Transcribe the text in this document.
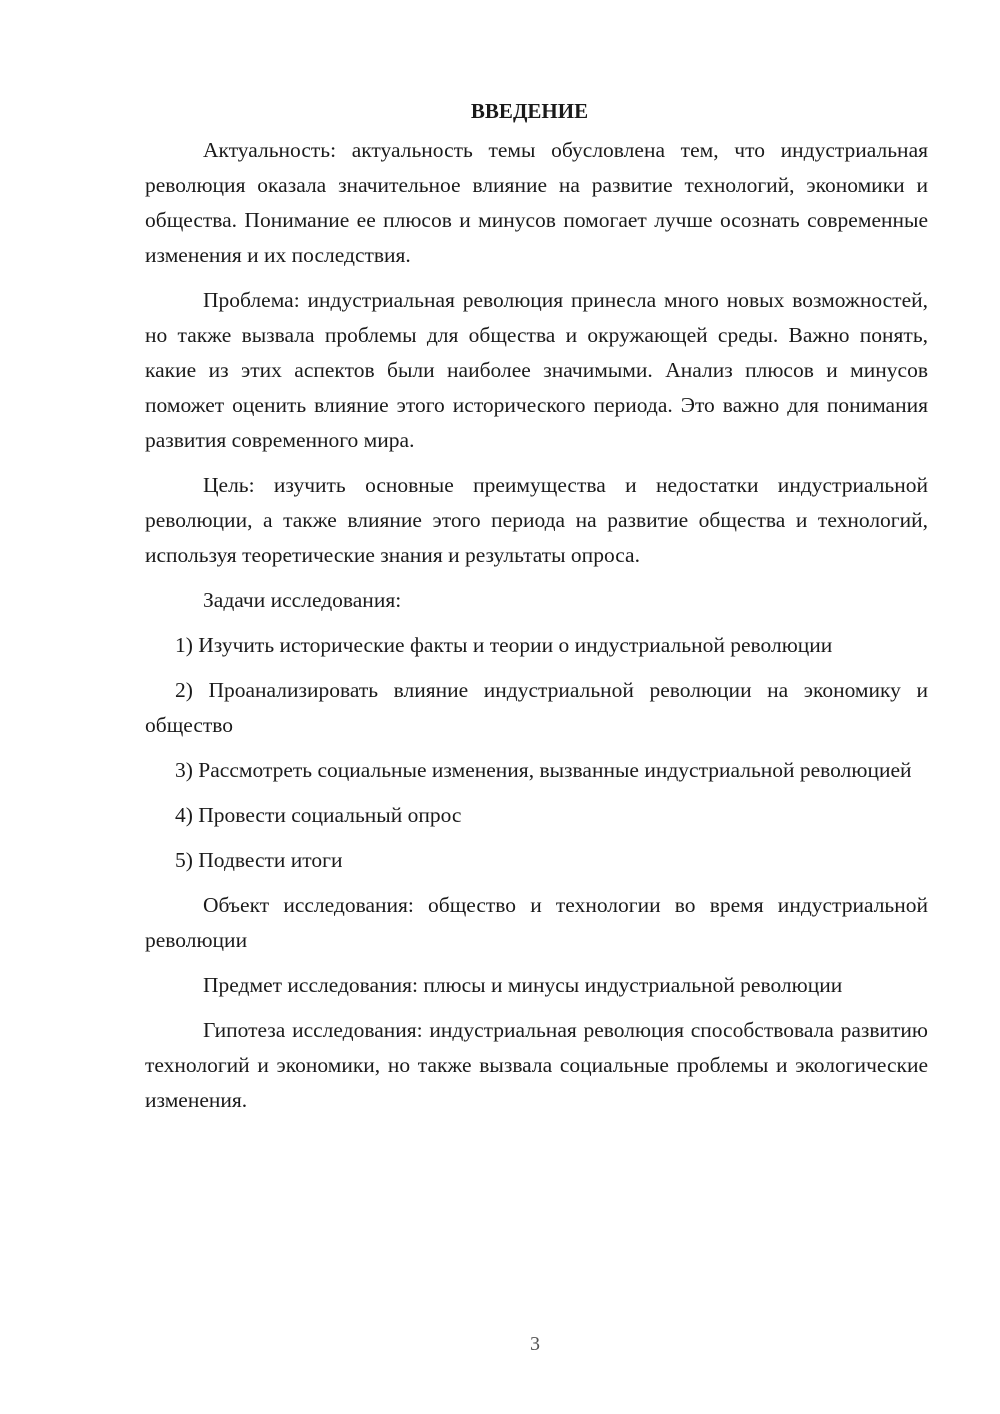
ВВЕДЕНИЕ

Актуальность: актуальность темы обусловлена тем, что индустриальная революция оказала значительное влияние на развитие технологий, экономики и общества. Понимание ее плюсов и минусов помогает лучше осознать современные изменения и их последствия.

Проблема: индустриальная революция принесла много новых возможностей, но также вызвала проблемы для общества и окружающей среды. Важно понять, какие из этих аспектов были наиболее значимыми. Анализ плюсов и минусов поможет оценить влияние этого исторического периода. Это важно для понимания развития современного мира.

Цель: изучить основные преимущества и недостатки индустриальной революции, а также влияние этого периода на развитие общества и технологий, используя теоретические знания и результаты опроса.

Задачи исследования:

1) Изучить исторические факты и теории о индустриальной революции

2) Проанализировать влияние индустриальной революции на экономику и общество

3) Рассмотреть социальные изменения, вызванные индустриальной революцией

4) Провести социальный опрос

5) Подвести итоги

Объект исследования: общество и технологии во время индустриальной революции

Предмет исследования: плюсы и минусы индустриальной революции

Гипотеза исследования: индустриальная революция способствовала развитию технологий и экономики, но также вызвала социальные проблемы и экологические изменения.

3
